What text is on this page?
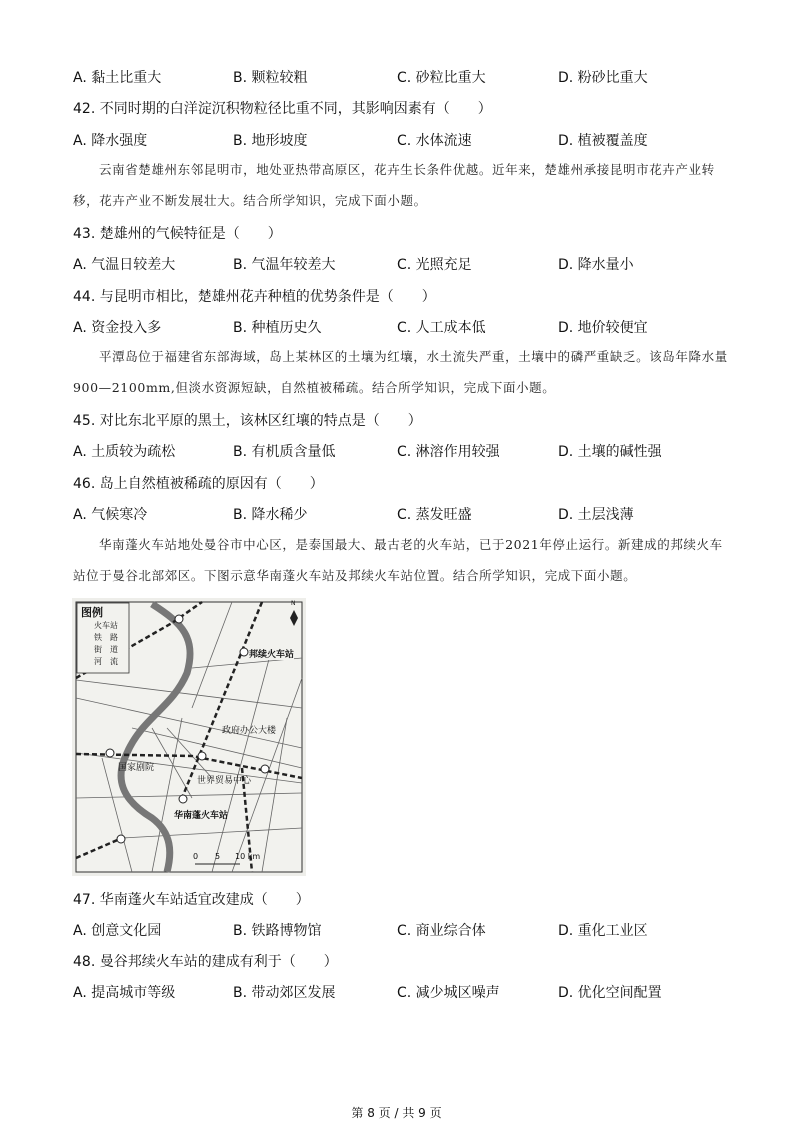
A. 黏土比重大	B. 颗粒较粗	C. 砂粒比重大	D. 粉砂比重大
42. 不同时期的白洋淀沉积物粒径比重不同，其影响因素有（　　）
A. 降水强度	B. 地形坡度	C. 水体流速	D. 植被覆盖度
云南省楚雄州东邻昆明市，地处亚热带高原区，花卉生长条件优越。近年来，楚雄州承接昆明市花卉产业转移，花卉产业不断发展壮大。结合所学知识，完成下面小题。
43. 楚雄州的气候特征是（　　）
A. 气温日较差大	B. 气温年较差大	C. 光照充足	D. 降水量小
44. 与昆明市相比，楚雄州花卉种植的优势条件是（　　）
A. 资金投入多	B. 种植历史久	C. 人工成本低	D. 地价较便宜
平潭岛位于福建省东部海域，岛上某林区的土壤为红壤，水土流失严重，土壤中的磷严重缺乏。该岛年降水量900—2100mm,但淡水资源短缺，自然植被稀疏。结合所学知识，完成下面小题。
45. 对比东北平原的黑土，该林区红壤的特点是（　　）
A. 土质较为疏松	B. 有机质含量低	C. 淋溶作用较强	D. 土壤的碱性强
46. 岛上自然植被稀疏的原因有（　　）
A. 气候寒冷	B. 降水稀少	C. 蒸发旺盛	D. 土层浅薄
华南蓬火车站地处曼谷市中心区，是泰国最大、最古老的火车站，已于2021年停止运行。新建成的邦续火车站位于曼谷北部郊区。下图示意华南蓬火车站及邦续火车站位置。结合所学知识，完成下面小题。
图例
火车站
铁　路
街　道
河　流
N
邦续火车站
政府办公大楼
国家剧院
世界贸易中心
华南蓬火车站
0 5 10 km
47. 华南蓬火车站适宜改建成（　　）
A. 创意文化园	B. 铁路博物馆	C. 商业综合体	D. 重化工业区
48. 曼谷邦续火车站的建成有利于（　　）
A. 提高城市等级	B. 带动郊区发展	C. 减少城区噪声	D. 优化空间配置
第 8 页 / 共 9 页
